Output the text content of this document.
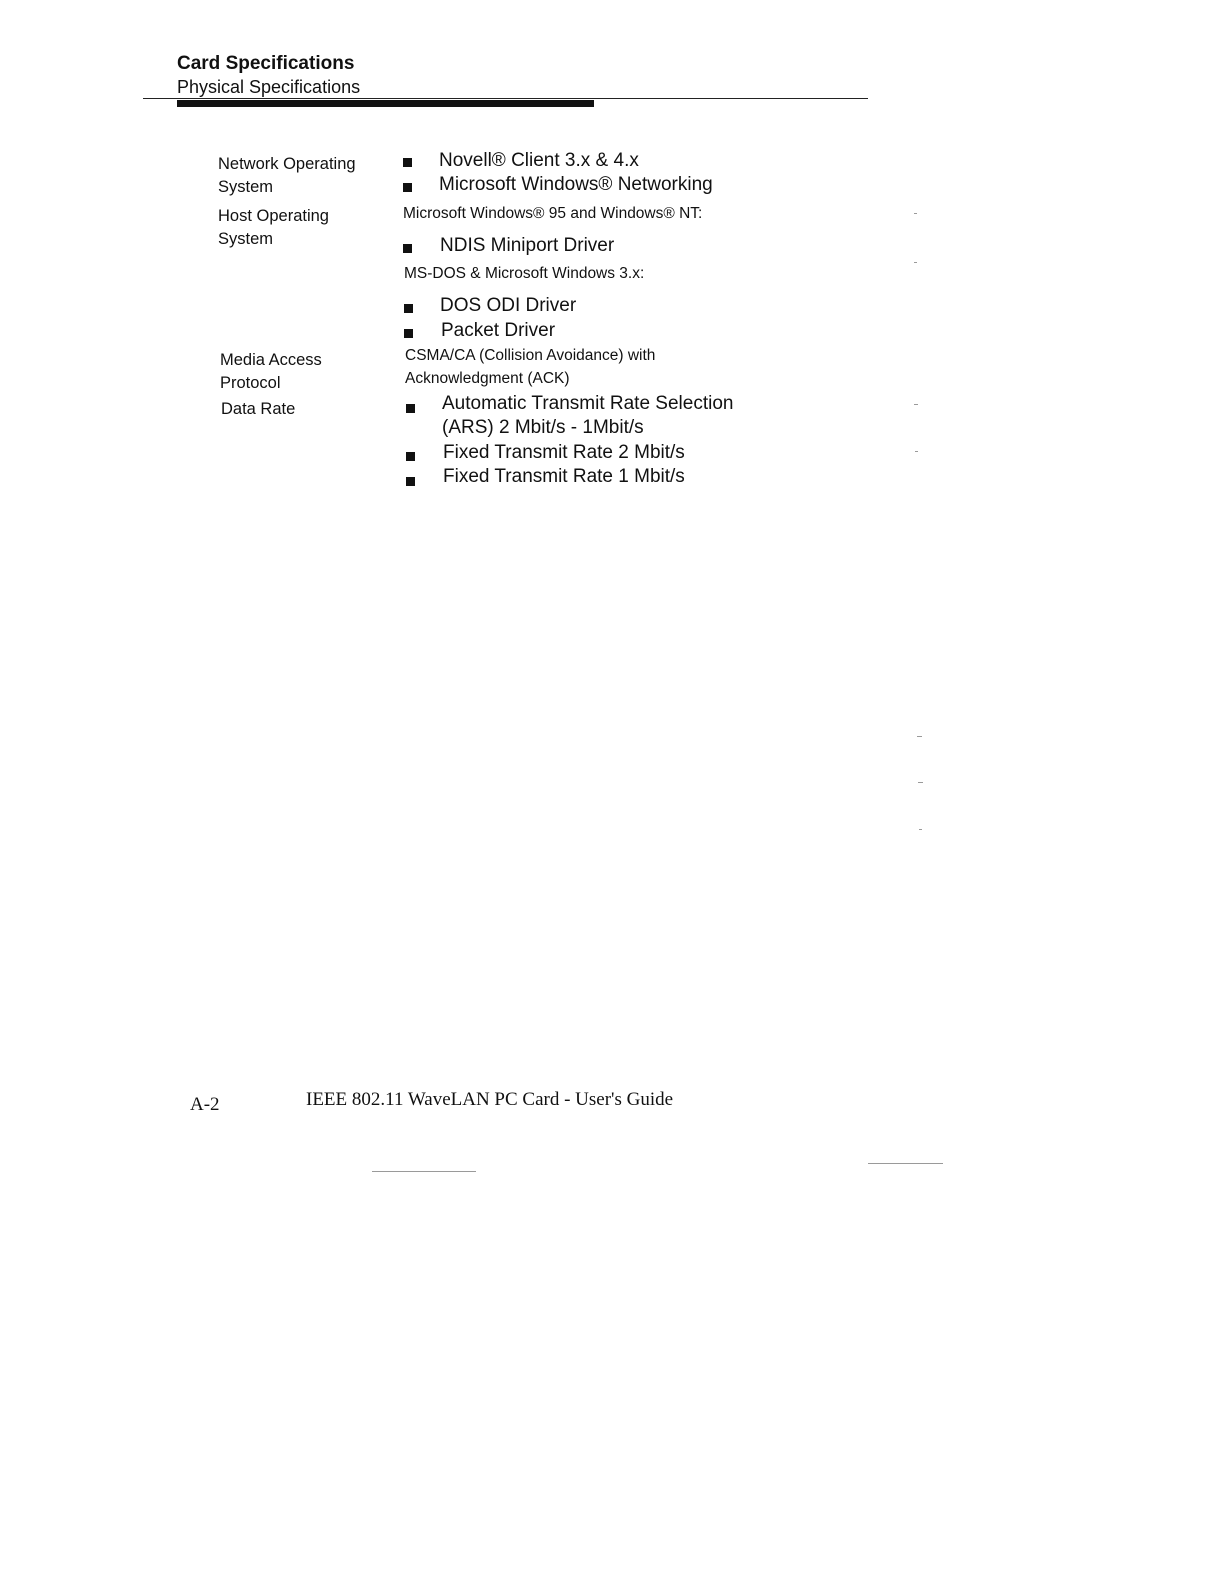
Card Specifications
Physical Specifications
Network Operating
System
Novell® Client 3.x & 4.x
Microsoft Windows® Networking
Host Operating
System
Microsoft Windows® 95 and Windows® NT:
NDIS Miniport Driver
MS-DOS & Microsoft Windows 3.x:
DOS ODI Driver
Packet Driver
Media Access
Protocol
CSMA/CA (Collision Avoidance) with
Acknowledgment (ACK)
Data Rate	Automatic Transmit Rate Selection
(ARS) 2 Mbit/s - 1Mbit/s
Fixed Transmit Rate 2 Mbit/s
Fixed Transmit Rate 1 Mbit/s
A-2	IEEE 802.11 WaveLAN PC Card - User's Guide
